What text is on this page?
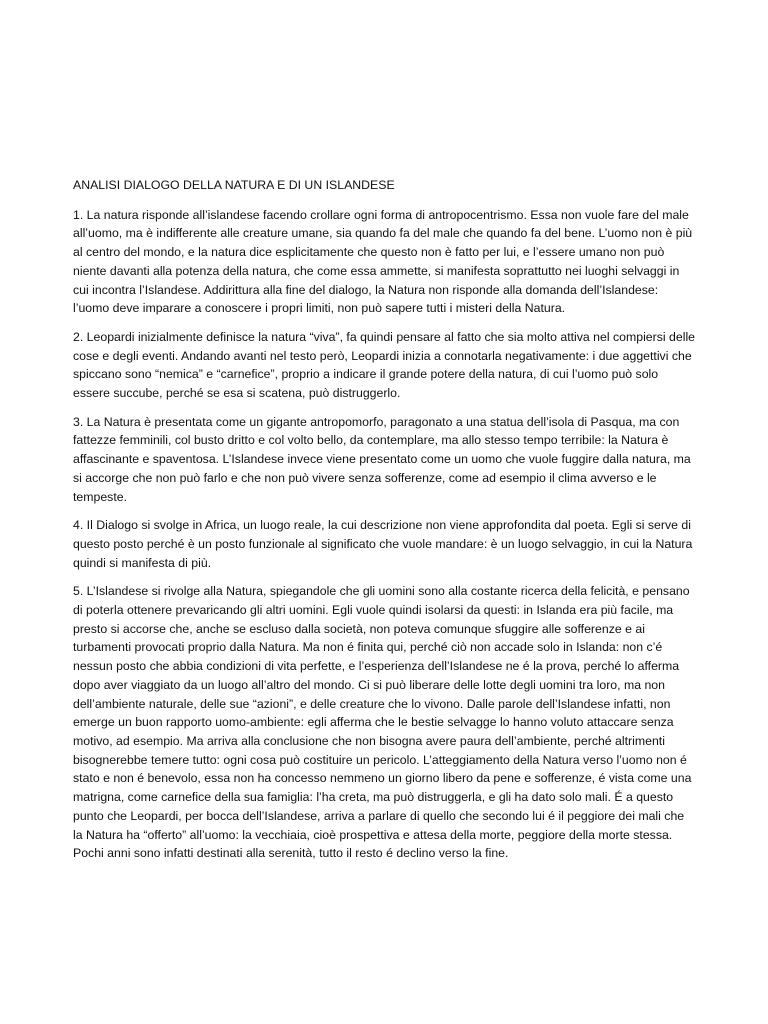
ANALISI DIALOGO DELLA NATURA E DI UN ISLANDESE

1. La natura risponde all’islandese facendo crollare ogni forma di antropocentrismo. Essa non vuole fare del male all’uomo, ma è indifferente alle creature umane, sia quando fa del male che quando fa del bene. L’uomo non è più al centro del mondo, e la natura dice esplicitamente che questo non è fatto per lui, e l’essere umano non può niente davanti alla potenza della natura, che come essa ammette, si manifesta soprattutto nei luoghi selvaggi in cui incontra l’Islandese. Addirittura alla fine del dialogo, la Natura non risponde alla domanda dell’Islandese: l’uomo deve imparare a conoscere i propri limiti, non può sapere tutti i misteri della Natura.

2. Leopardi inizialmente definisce la natura “viva”, fa quindi pensare al fatto che sia molto attiva nel compiersi delle cose e degli eventi. Andando avanti nel testo però, Leopardi inizia a connotarla negativamente: i due aggettivi che spiccano sono “nemica” e “carnefice”, proprio a indicare il grande potere della natura, di cui l’uomo può solo essere succube, perché se esa si scatena, può distruggerlo.

3. La Natura è presentata come un gigante antropomorfo, paragonato a una statua dell’isola di Pasqua, ma con fattezze femminili, col busto dritto e col volto bello, da contemplare, ma allo stesso tempo terribile: la Natura è affascinante e spaventosa. L’Islandese invece viene presentato come un uomo che vuole fuggire dalla natura, ma si accorge che non può farlo e che non può vivere senza sofferenze, come ad esempio il clima avverso e le tempeste.

4. Il Dialogo si svolge in Africa, un luogo reale, la cui descrizione non viene approfondita dal poeta. Egli si serve di questo posto perché è un posto funzionale al significato che vuole mandare: è un luogo selvaggio, in cui la Natura quindi si manifesta di più.

5. L’Islandese si rivolge alla Natura, spiegandole che gli uomini sono alla costante ricerca della felicità, e pensano di poterla ottenere prevaricando gli altri uomini. Egli vuole quindi isolarsi da questi: in Islanda era più facile, ma presto si accorse che, anche se escluso dalla società, non poteva comunque sfuggire alle sofferenze e ai turbamenti provocati proprio dalla Natura. Ma non é finita qui, perché ciò non accade solo in Islanda: non c’é nessun posto che abbia condizioni di vita perfette, e l’esperienza dell’Islandese ne é la prova, perché lo afferma dopo aver viaggiato da un luogo all’altro del mondo. Ci si può liberare delle lotte degli uomini tra loro, ma non dell’ambiente naturale, delle sue “azioni”, e delle creature che lo vivono. Dalle parole dell’Islandese infatti, non emerge un buon rapporto uomo-ambiente: egli afferma che le bestie selvagge lo hanno voluto attaccare senza motivo, ad esempio. Ma arriva alla conclusione che non bisogna avere paura dell’ambiente, perché altrimenti bisognerebbe temere tutto: ogni cosa può costituire un pericolo. L’atteggiamento della Natura verso l’uomo non é stato e non é benevolo, essa non ha concesso nemmeno un giorno libero da pene e sofferenze, é vista come una matrigna, come carnefice della sua famiglia: l’ha creta, ma può distruggerla, e gli ha dato solo mali. É a questo punto che Leopardi, per bocca dell’Islandese, arriva a parlare di quello che secondo lui é il peggiore dei mali che la Natura ha “offerto” all’uomo: la vecchiaia, cioè prospettiva e attesa della morte, peggiore della morte stessa. Pochi anni sono infatti destinati alla serenità, tutto il resto é declino verso la fine.
